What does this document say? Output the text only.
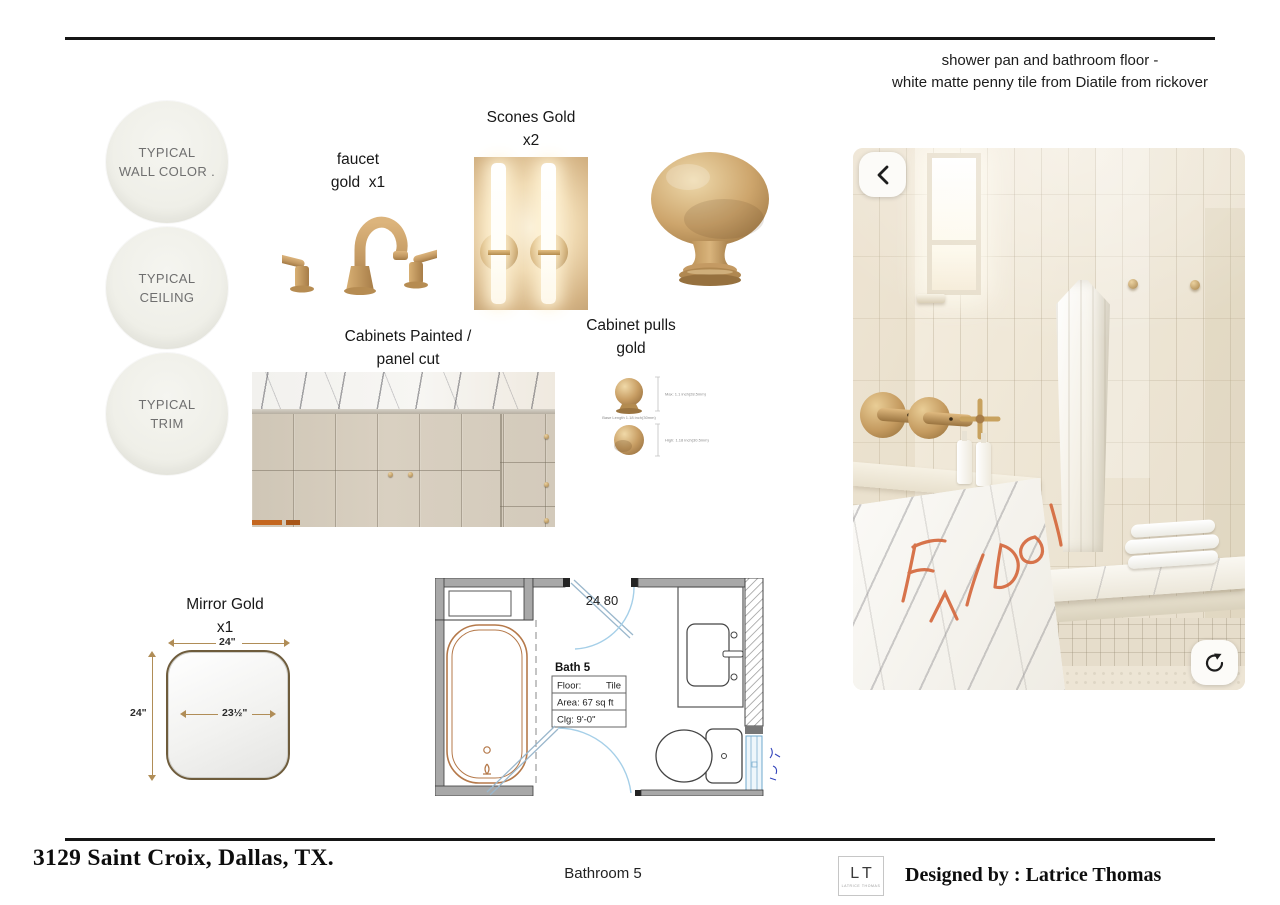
shower pan and bathroom floor -
white matte penny tile from Diatile from rickover
TYPICAL
WALL COLOR .
TYPICAL
CEILING
TYPICAL
TRIM
faucet
gold  x1
Scones Gold
x2
Cabinets Painted /
panel cut
Cabinet pulls
gold
Max: 1.1 inch(28.5mm)
Base Length 1.18 inch(30mm)
High: 1.18 inch(30.5mm)
Mirror Gold
x1
24"
24"	23½"
24 80
Bath 5
Floor:	Tile
Area: 67 sq ft
Clg: 9'-0"
3129 Saint Croix, Dallas, TX.
Bathroom 5	LT
LATRICE THOMAS Designed by : Latrice Thomas
